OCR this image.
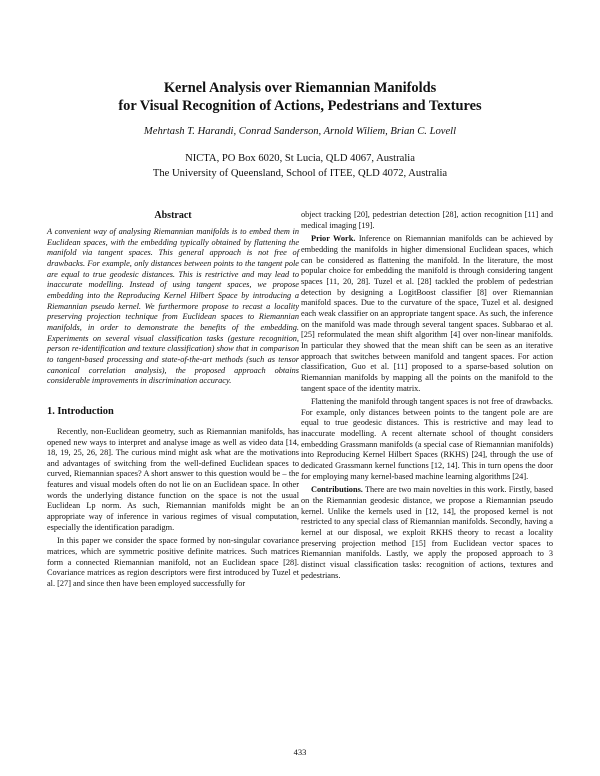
Kernel Analysis over Riemannian Manifolds
for Visual Recognition of Actions, Pedestrians and Textures
Mehrtash T. Harandi, Conrad Sanderson, Arnold Wiliem, Brian C. Lovell
NICTA, PO Box 6020, St Lucia, QLD 4067, Australia
The University of Queensland, School of ITEE, QLD 4072, Australia
Abstract

A convenient way of analysing Riemannian manifolds is to embed them in Euclidean spaces, with the embedding typically obtained by flattening the manifold via tangent spaces. This general approach is not free of drawbacks. For example, only distances between points to the tangent pole are equal to true geodesic distances. This is restrictive and may lead to inaccurate modelling. Instead of using tangent spaces, we propose embedding into the Reproducing Kernel Hilbert Space by introducing a Riemannian pseudo kernel. We furthermore propose to recast a locality preserving projection technique from Euclidean spaces to Riemannian manifolds, in order to demonstrate the benefits of the embedding. Experiments on several visual classification tasks (gesture recognition, person re-identification and texture classification) show that in comparison to tangent-based processing and state-of-the-art methods (such as tensor canonical correlation analysis), the proposed approach obtains considerable improvements in discrimination accuracy.

1. Introduction

Recently, non-Euclidean geometry, such as Riemannian manifolds, has opened new ways to interpret and analyse image as well as video data [14, 18, 19, 25, 26, 28]. The curious mind might ask what are the motivations and advantages of switching from the well-defined Euclidean spaces to curved, Riemannian spaces? A short answer to this question would be – the features and visual models often do not lie on an Euclidean space. In other words the underlying distance function on the space is not the usual Euclidean Lp norm. As such, Riemannian manifolds might be an appropriate way of inference in various regimes of visual computation, especially the identification paradigm.

In this paper we consider the space formed by non-singular covariance matrices, which are symmetric positive definite matrices. Such matrices form a connected Riemannian manifold, not an Euclidean space [28]. Covariance matrices as region descriptors were first introduced by Tuzel et al. [27] and since then have been employed successfully for

object tracking [20], pedestrian detection [28], action recognition [11] and medical imaging [19].

Prior Work. Inference on Riemannian manifolds can be achieved by embedding the manifolds in higher dimensional Euclidean spaces, which can be considered as flattening the manifold. In the literature, the most popular choice for embedding the manifold is through considering tangent spaces [11, 20, 28]. Tuzel et al. [28] tackled the problem of pedestrian detection by designing a LogitBoost classifier [8] over Riemannian manifold spaces. Due to the curvature of the space, Tuzel et al. designed each weak classifier on an appropriate tangent space. As such, the inference on the manifold was made through several tangent spaces. Subbarao et al. [25] reformulated the mean shift algorithm [4] over non-linear manifolds. In particular they showed that the mean shift can be seen as an iterative approach that switches between manifold and tangent spaces. For action classification, Guo et al. [11] proposed to a sparse-based solution on Riemannian manifolds by mapping all the points on the manifold to the tangent space of the identity matrix.

Flattening the manifold through tangent spaces is not free of drawbacks. For example, only distances between points to the tangent pole are are equal to true geodesic distances. This is restrictive and may lead to inaccurate modelling. A recent alternate school of thought considers embedding Grassmann manifolds (a special case of Riemannian manifolds) into Reproducing Kernel Hilbert Spaces (RKHS) [24], through the use of dedicated Grassmann kernel functions [12, 14]. This in turn opens the door for employing many kernel-based machine learning algorithms [24].

Contributions. There are two main novelties in this work. Firstly, based on the Riemannian geodesic distance, we propose a Riemannian pseudo kernel. Unlike the kernels used in [12, 14], the proposed kernel is not restricted to any special class of Riemannian manifolds. Secondly, having a kernel at our disposal, we exploit RKHS theory to recast a locality preserving projection method [15] from Euclidean vector spaces to Riemannian manifolds. Lastly, we apply the proposed approach to 3 distinct visual classification tasks: recognition of actions, textures and pedestrians.

433
